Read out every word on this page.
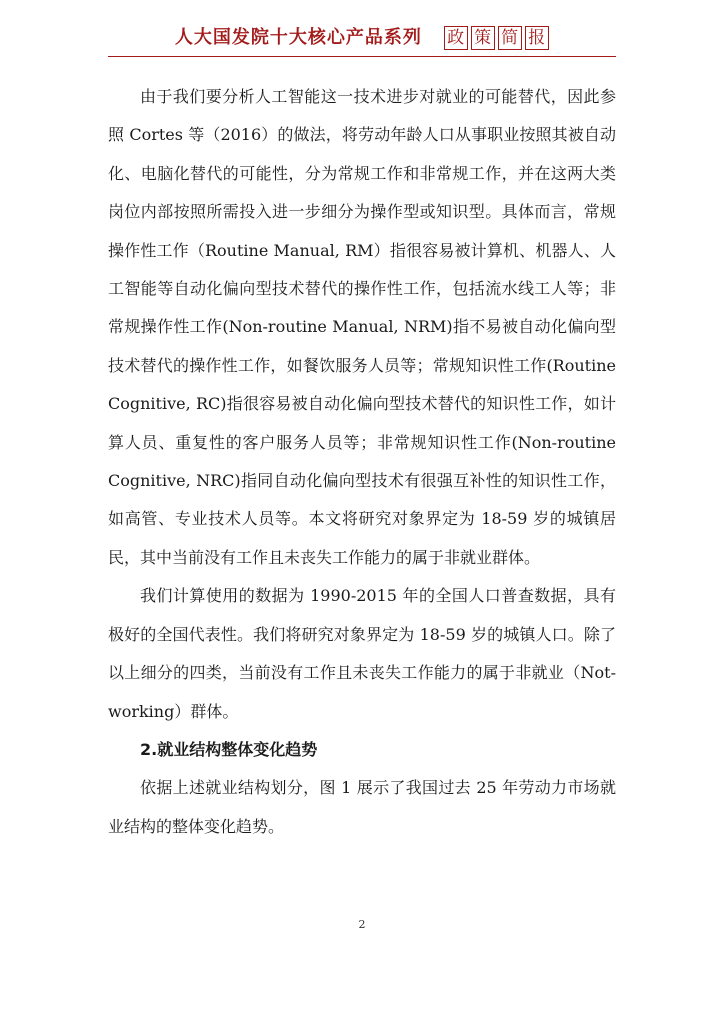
人大国发院十大核心产品系列 政 策 简 报

由于我们要分析人工智能这一技术进步对就业的可能替代，因此参照 Cortes 等（2016）的做法，将劳动年龄人口从事职业按照其被自动化、电脑化替代的可能性，分为常规工作和非常规工作，并在这两大类岗位内部按照所需投入进一步细分为操作型或知识型。具体而言，常规操作性工作（Routine Manual, RM）指很容易被计算机、机器人、人工智能等自动化偏向型技术替代的操作性工作，包括流水线工人等；非常规操作性工作(Non-routine Manual, NRM)指不易被自动化偏向型技术替代的操作性工作，如餐饮服务人员等；常规知识性工作(Routine Cognitive, RC)指很容易被自动化偏向型技术替代的知识性工作，如计算人员、重复性的客户服务人员等；非常规知识性工作(Non-routine Cognitive, NRC)指同自动化偏向型技术有很强互补性的知识性工作，如高管、专业技术人员等。本文将研究对象界定为 18-59 岁的城镇居民，其中当前没有工作且未丧失工作能力的属于非就业群体。

我们计算使用的数据为 1990-2015 年的全国人口普查数据，具有极好的全国代表性。我们将研究对象界定为 18-59 岁的城镇人口。除了以上细分的四类，当前没有工作且未丧失工作能力的属于非就业（Not-working）群体。

2.就业结构整体变化趋势

依据上述就业结构划分，图 1 展示了我国过去 25 年劳动力市场就业结构的整体变化趋势。

2
